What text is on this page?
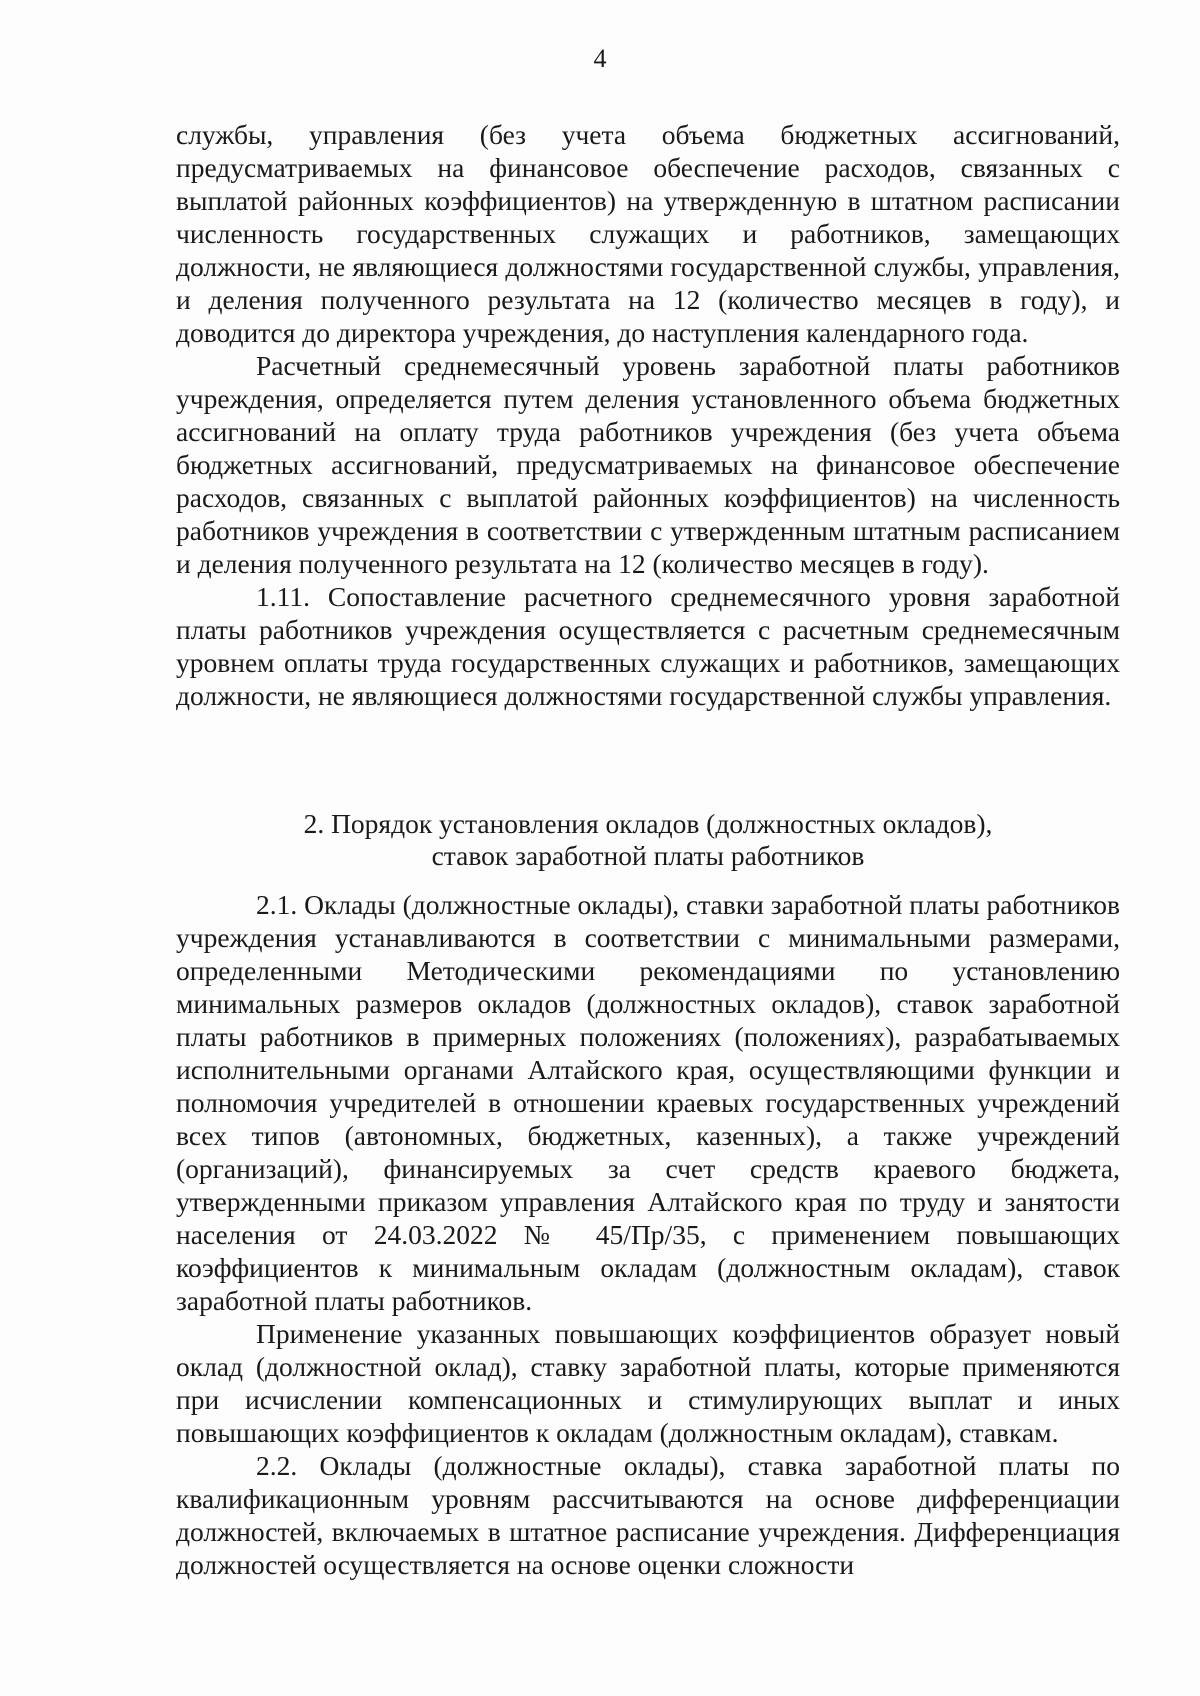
4

службы, управления (без учета объема бюджетных ассигнований, предусматриваемых на финансовое обеспечение расходов, связанных с выплатой районных коэффициентов) на утвержденную в штатном расписании численность государственных служащих и работников, замещающих должности, не являющиеся должностями государственной службы, управления, и деления полученного результата на 12 (количество месяцев в году), и доводится до директора учреждения, до наступления календарного года.

Расчетный среднемесячный уровень заработной платы работников учреждения, определяется путем деления установленного объема бюджетных ассигнований на оплату труда работников учреждения (без учета объема бюджетных ассигнований, предусматриваемых на финансовое обеспечение расходов, связанных с выплатой районных коэффициентов) на численность работников учреждения в соответствии с утвержденным штатным расписанием и деления полученного результата на 12 (количество месяцев в году).

1.11. Сопоставление расчетного среднемесячного уровня заработной платы работников учреждения осуществляется с расчетным среднемесячным уровнем оплаты труда государственных служащих и работников, замещающих должности, не являющиеся должностями государственной службы управления.

2. Порядок установления окладов (должностных окладов),
ставок заработной платы работников

2.1. Оклады (должностные оклады), ставки заработной платы работников учреждения устанавливаются в соответствии с минимальными размерами, определенными Методическими рекомендациями по установлению минимальных размеров окладов (должностных окладов), ставок заработной платы работников в примерных положениях (положениях), разрабатываемых исполнительными органами Алтайского края, осуществляющими функции и полномочия учредителей в отношении краевых государственных учреждений всех типов (автономных, бюджетных, казенных), а также учреждений (организаций), финансируемых за счет средств краевого бюджета, утвержденными приказом управления Алтайского края по труду и занятости населения от 24.03.2022 № 45/Пр/35, с применением повышающих коэффициентов к минимальным окладам (должностным окладам), ставок заработной платы работников.

Применение указанных повышающих коэффициентов образует новый оклад (должностной оклад), ставку заработной платы, которые применяются при исчислении компенсационных и стимулирующих выплат и иных повышающих коэффициентов к окладам (должностным окладам), ставкам.

2.2. Оклады (должностные оклады), ставка заработной платы по квалификационным уровням рассчитываются на основе дифференциации должностей, включаемых в штатное расписание учреждения. Дифференциация должностей осуществляется на основе оценки сложности
